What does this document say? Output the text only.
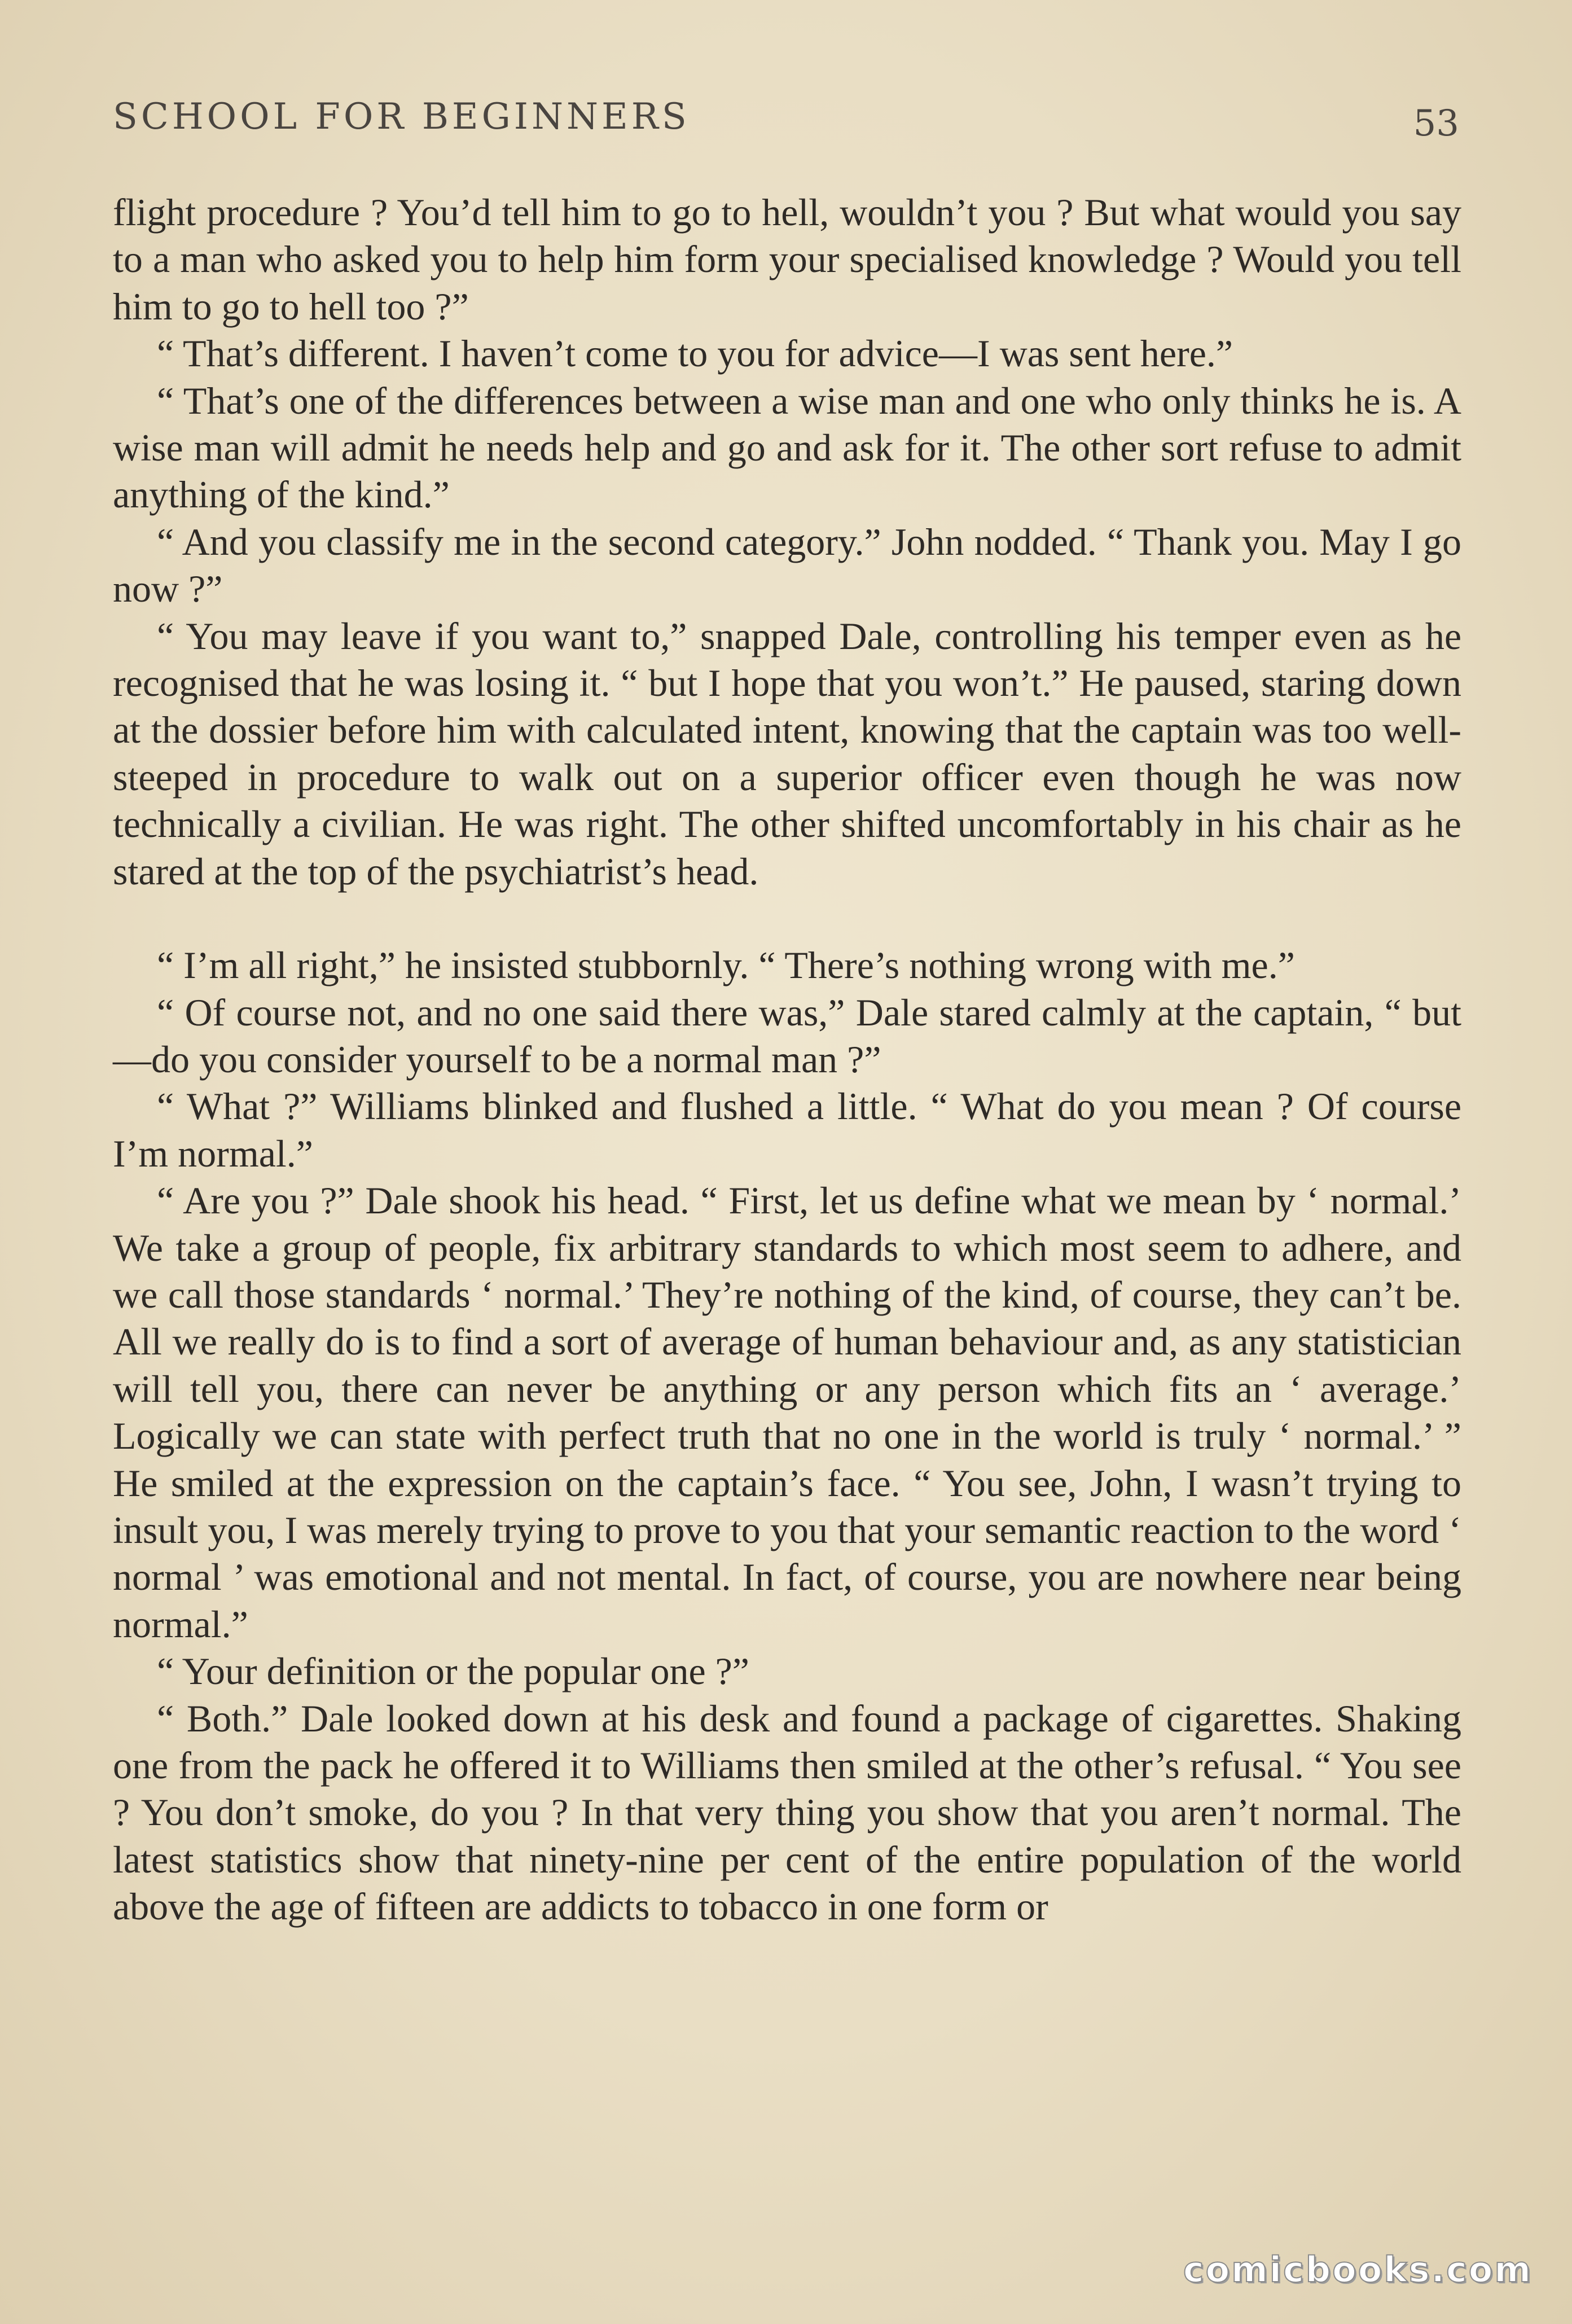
SCHOOL FOR BEGINNERS	53

flight procedure ? You’d tell him to go to hell, wouldn’t you ? But what would you say to a man who asked you to help him form your specialised knowledge ? Would you tell him to go to hell too ?”

“ That’s different. I haven’t come to you for advice—I was sent here.”

“ That’s one of the differences between a wise man and one who only thinks he is. A wise man will admit he needs help and go and ask for it. The other sort refuse to admit anything of the kind.”

“ And you classify me in the second category.” John nodded. “ Thank you. May I go now ?”

“ You may leave if you want to,” snapped Dale, controlling his temper even as he recognised that he was losing it. “ but I hope that you won’t.” He paused, staring down at the dossier before him with calculated intent, knowing that the captain was too well-steeped in procedure to walk out on a superior officer even though he was now technically a civilian. He was right. The other shifted uncomfortably in his chair as he stared at the top of the psychiatrist’s head.

“ I’m all right,” he insisted stubbornly. “ There’s nothing wrong with me.”

“ Of course not, and no one said there was,” Dale stared calmly at the captain, “ but—do you consider yourself to be a normal man ?”

“ What ?” Williams blinked and flushed a little. “ What do you mean ? Of course I’m normal.”

“ Are you ?” Dale shook his head. “ First, let us define what we mean by ‘ normal.’ We take a group of people, fix arbitrary standards to which most seem to adhere, and we call those standards ‘ normal.’ They’re nothing of the kind, of course, they can’t be. All we really do is to find a sort of average of human behaviour and, as any statistician will tell you, there can never be anything or any person which fits an ‘ average.’ Logically we can state with perfect truth that no one in the world is truly ‘ normal.’ ” He smiled at the expression on the captain’s face. “ You see, John, I wasn’t trying to insult you, I was merely trying to prove to you that your semantic reaction to the word ‘ normal ’ was emotional and not mental. In fact, of course, you are nowhere near being normal.”

“ Your definition or the popular one ?”

“ Both.” Dale looked down at his desk and found a package of cigarettes. Shaking one from the pack he offered it to Williams then smiled at the other’s refusal. “ You see ? You don’t smoke, do you ? In that very thing you show that you aren’t normal. The latest statistics show that ninety-nine per cent of the entire population of the world above the age of fifteen are addicts to tobacco in one form or

comicbooks.com
